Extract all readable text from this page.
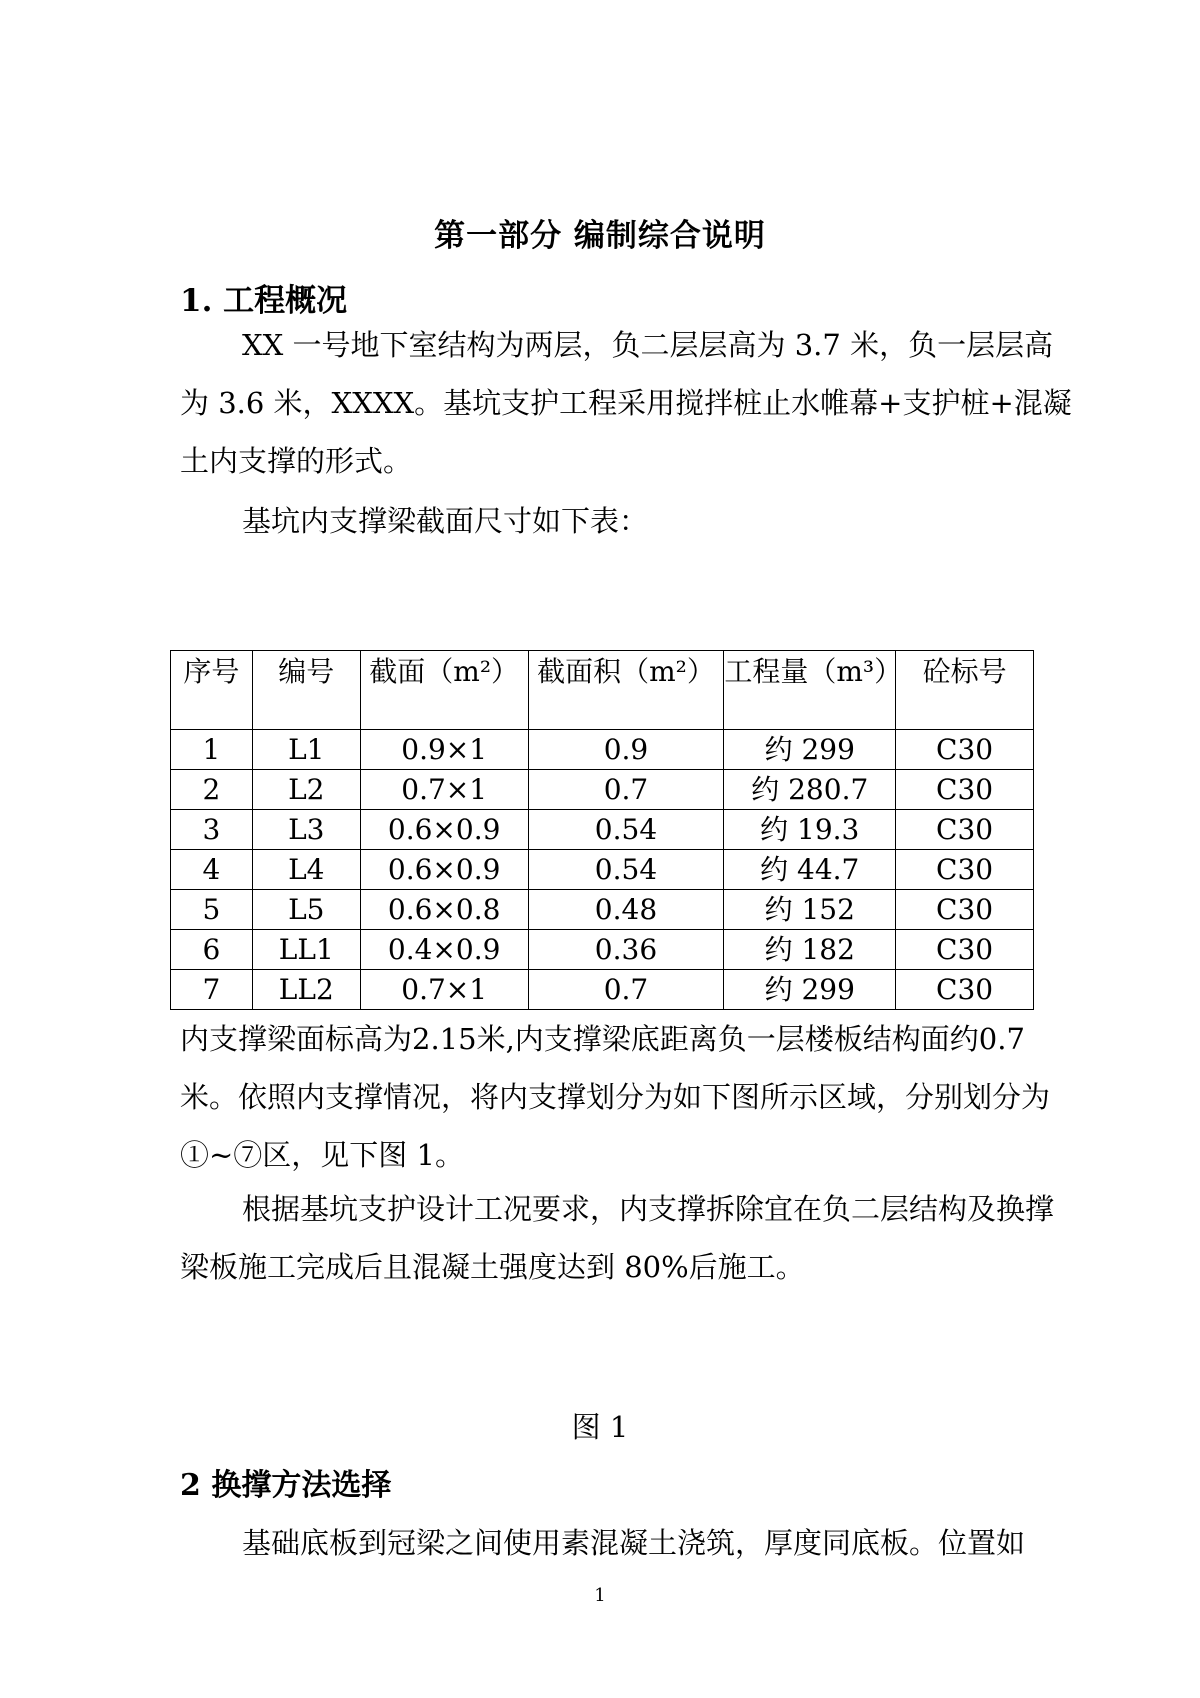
第一部分 编制综合说明
1. 工程概况

XX 一号地下室结构为两层，负二层层高为 3.7 米，负一层层高为 3.6 米，XXXX。基坑支护工程采用搅拌桩止水帷幕+支护桩+混凝土内支撑的形式。

基坑内支撑梁截面尺寸如下表：

序号	编号	截面（m²）	截面积（m²）	工程量（m³）	砼标号
1	L1	0.9×1	0.9	约 299	C30
2	L2	0.7×1	0.7	约 280.7	C30
3	L3	0.6×0.9	0.54	约 19.3	C30
4	L4	0.6×0.9	0.54	约 44.7	C30
5	L5	0.6×0.8	0.48	约 152	C30
6	LL1	0.4×0.9	0.36	约 182	C30
7	LL2	0.7×1	0.7	约 299	C30

内支撑梁面标高为2.15米,内支撑梁底距离负一层楼板结构面约0.7米。依照内支撑情况，将内支撑划分为如下图所示区域，分别划分为①~⑦区，见下图 1。

根据基坑支护设计工况要求，内支撑拆除宜在负二层结构及换撑梁板施工完成后且混凝土强度达到 80%后施工。

图 1
2 换撑方法选择

基础底板到冠梁之间使用素混凝土浇筑，厚度同底板。位置如

1
